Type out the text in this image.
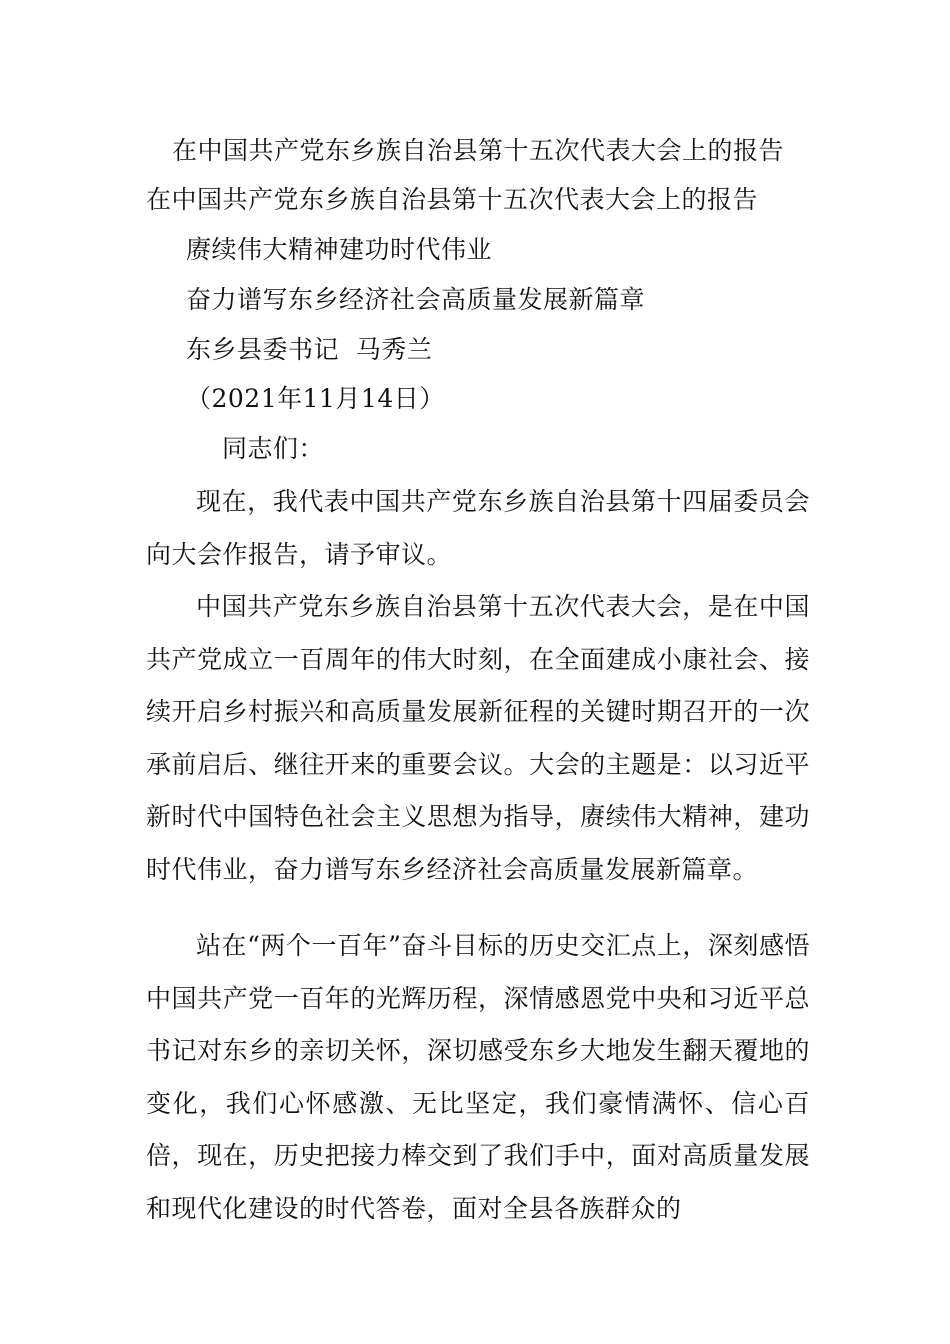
在中国共产党东乡族自治县第十五次代表大会上的报告
在中国共产党东乡族自治县第十五次代表大会上的报告
赓续伟大精神建功时代伟业
奋力谱写东乡经济社会高质量发展新篇章
东乡县委书记  马秀兰
（2021年11月14日）
同志们：

现在，我代表中国共产党东乡族自治县第十四届委员会向大会作报告，请予审议。

中国共产党东乡族自治县第十五次代表大会，是在中国共产党成立一百周年的伟大时刻，在全面建成小康社会、接续开启乡村振兴和高质量发展新征程的关键时期召开的一次承前启后、继往开来的重要会议。大会的主题是：以习近平新时代中国特色社会主义思想为指导，赓续伟大精神，建功时代伟业，奋力谱写东乡经济社会高质量发展新篇章。

站在“两个一百年”奋斗目标的历史交汇点上，深刻感悟中国共产党一百年的光辉历程，深情感恩党中央和习近平总书记对东乡的亲切关怀，深切感受东乡大地发生翻天覆地的变化，我们心怀感激、无比坚定，我们豪情满怀、信心百倍，现在，历史把接力棒交到了我们手中，面对高质量发展和现代化建设的时代答卷，面对全县各族群众的
